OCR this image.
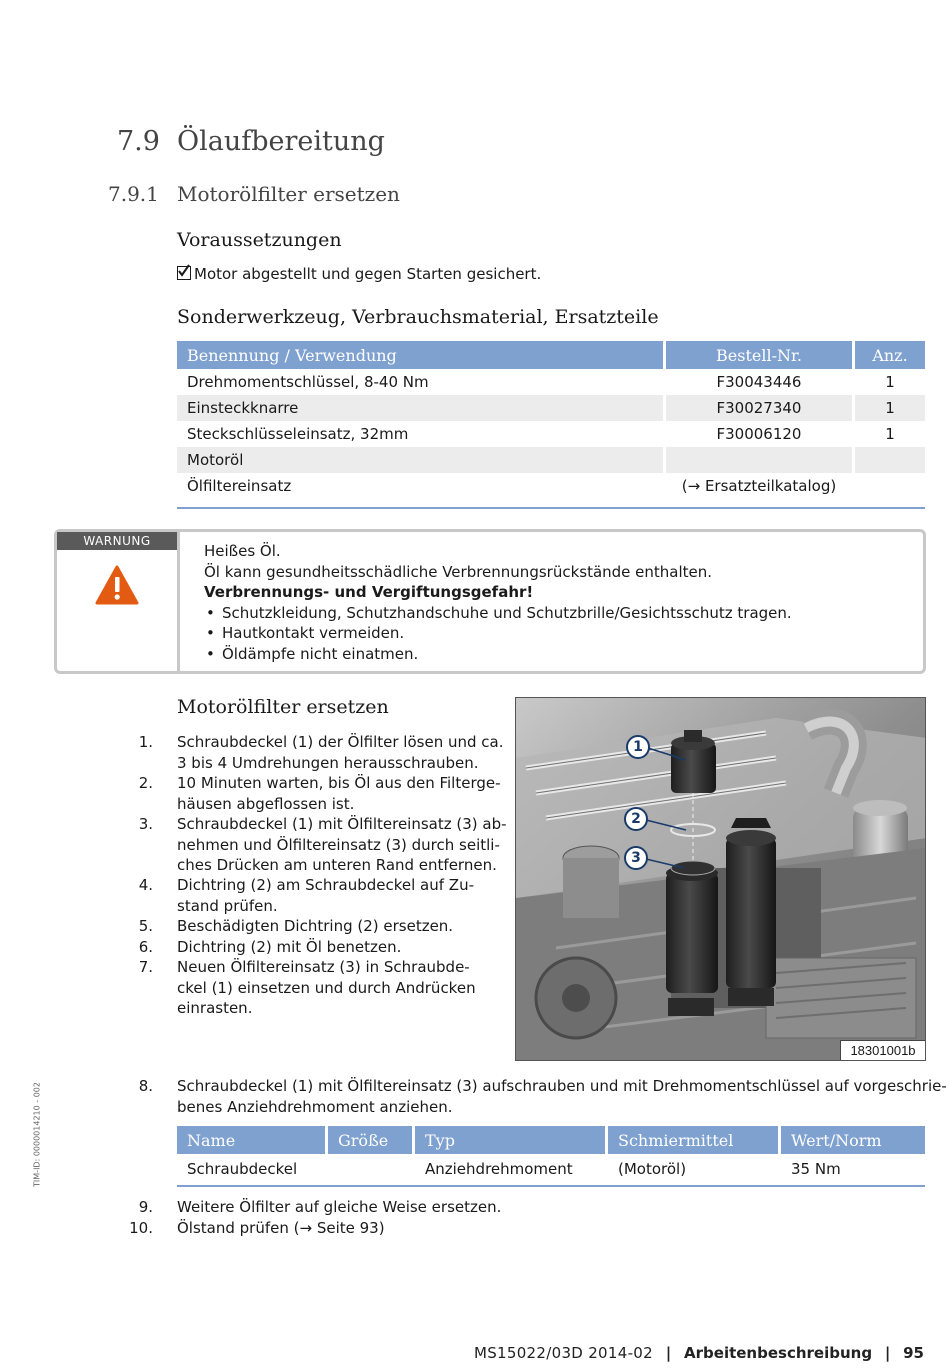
7.9 Ölaufbereitung
7.9.1 Motorölfilter ersetzen
Voraussetzungen
Motor abgestellt und gegen Starten gesichert.
Sonderwerkzeug, Verbrauchsmaterial, Ersatzteile
Benennung / Verwendung	Bestell-Nr.	Anz.
Drehmomentschlüssel, 8-40 Nm	F30043446	1
Einsteckknarre	F30027340	1
Steckschlüsseleinsatz, 32mm	F30006120	1
Motoröl		
Ölfiltereinsatz	(→ Ersatzteilkatalog)	
WARNUNG
Heißes Öl.
Öl kann gesundheitsschädliche Verbrennungsrückstände enthalten.
Verbrennungs- und Vergiftungsgefahr!
• Schutzkleidung, Schutzhandschuhe und Schutzbrille/Gesichtsschutz tragen.
• Hautkontakt vermeiden.
• Öldämpfe nicht einatmen.
Motorölfilter ersetzen
1. Schraubdeckel (1) der Ölfilter lösen und ca.
3 bis 4 Umdrehungen herausschrauben.
2. 10 Minuten warten, bis Öl aus den Filterge-
häusen abgeflossen ist.
3. Schraubdeckel (1) mit Ölfiltereinsatz (3) ab-
nehmen und Ölfiltereinsatz (3) durch seitli-
ches Drücken am unteren Rand entfernen.
4. Dichtring (2) am Schraubdeckel auf Zu-
stand prüfen.
5. Beschädigten Dichtring (2) ersetzen.
6. Dichtring (2) mit Öl benetzen.
7. Neuen Ölfiltereinsatz (3) in Schraubde-
ckel (1) einsetzen und durch Andrücken
einrasten.
1
2
3
18301001b
8. Schraubdeckel (1) mit Ölfiltereinsatz (3) aufschrauben und mit Drehmomentschlüssel auf vorgeschrie-
benes Anziehdrehmoment anziehen.
Name	Größe	Typ	Schmiermittel	Wert/Norm
Schraubdeckel		Anziehdrehmoment	(Motoröl)	35 Nm
9. Weitere Ölfilter auf gleiche Weise ersetzen.
10. Ölstand prüfen (→ Seite 93)
TIM-ID: 0000014210 - 002
MS15022/03D 2014-02 | Arbeitenbeschreibung | 95
